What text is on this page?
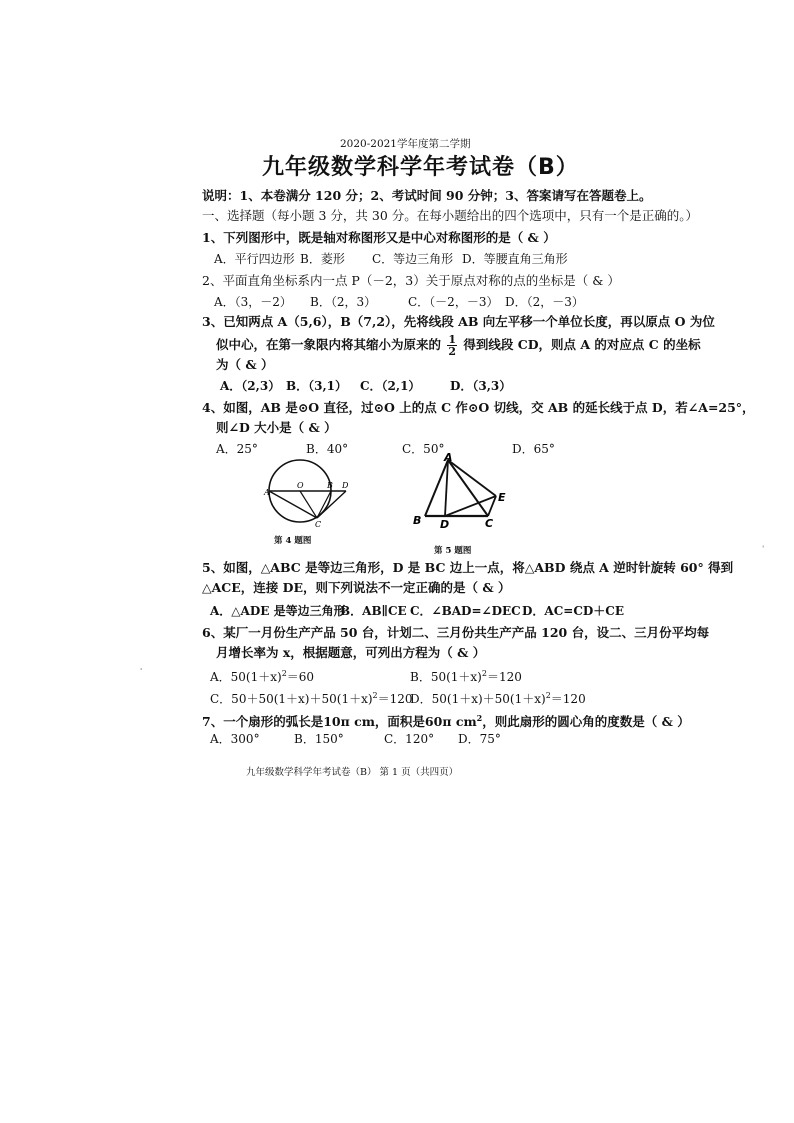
2020-2021学年度第二学期
九年级数学科学年考试卷（B）
说明：1、本卷满分 120 分；2、考试时间 90 分钟；3、答案请写在答题卷上。
一、选择题（每小题 3 分，共 30 分。在每小题给出的四个选项中，只有一个是正确的。）
1、下列图形中，既是轴对称图形又是中心对称图形的是（ & ）
A．平行四边形 B．菱形 C．等边三角形 D．等腰直角三角形
2、平面直角坐标系内一点 P（－2，3）关于原点对称的点的坐标是（ & ）
A．（3，－2） B．（2，3）	C．（－2，－3） D．（2，－3）
3、已知两点 A（5,6），B（7,2），先将线段 AB 向左平移一个单位长度，再以原点 O 为位
似中心，在第一象限内将其缩小为原来的 $\frac{1}{2}$ 得到线段 CD，则点 A 的对应点 C 的坐标
为（ & ）
A．（2,3） B．（3,1） C．（2,1） D．（3,3）
4、如图，AB 是⊙O 直径，过⊙O 上的点 C 作⊙O 切线，交 AB 的延长线于点 D，若∠A=25°，
则∠D 大小是（ & ）
A．25°	B．40°	C．50°	D．65°
A
O	B D
C
第 4 题图
A
B D	C
E
第 5 题图
5、如图，△ABC 是等边三角形，D 是 BC 边上一点，将△ABD 绕点 A 逆时针旋转 60° 得到
△ACE，连接 DE，则下列说法不一定正确的是（ & ）
A．△ADE 是等边三角形
B．AB∥CE C．∠BAD=∠DEC D．AC=CD＋CE
6、某厂一月份生产产品 50 台，计划二、三月份共生产产品 120 台，设二、三月份平均每
月增长率为 x，根据题意，可列出方程为（ & ）
A．$50(1+x)^2=60$	B．$50(1+x)^2=120$
C．$50+50(1+x)+50(1+x)^2=120$
D．$50(1+x)+50(1+x)^2=120$
7、一个扇形的弧长是10π cm，面积是60π $cm^2$，则此扇形的圆心角的度数是（ & ）
A．300°	B．150°	C．120° D．75°
九年级数学科学年考试卷（B） 第 1 页（共四页）
ˌ
ˈ
